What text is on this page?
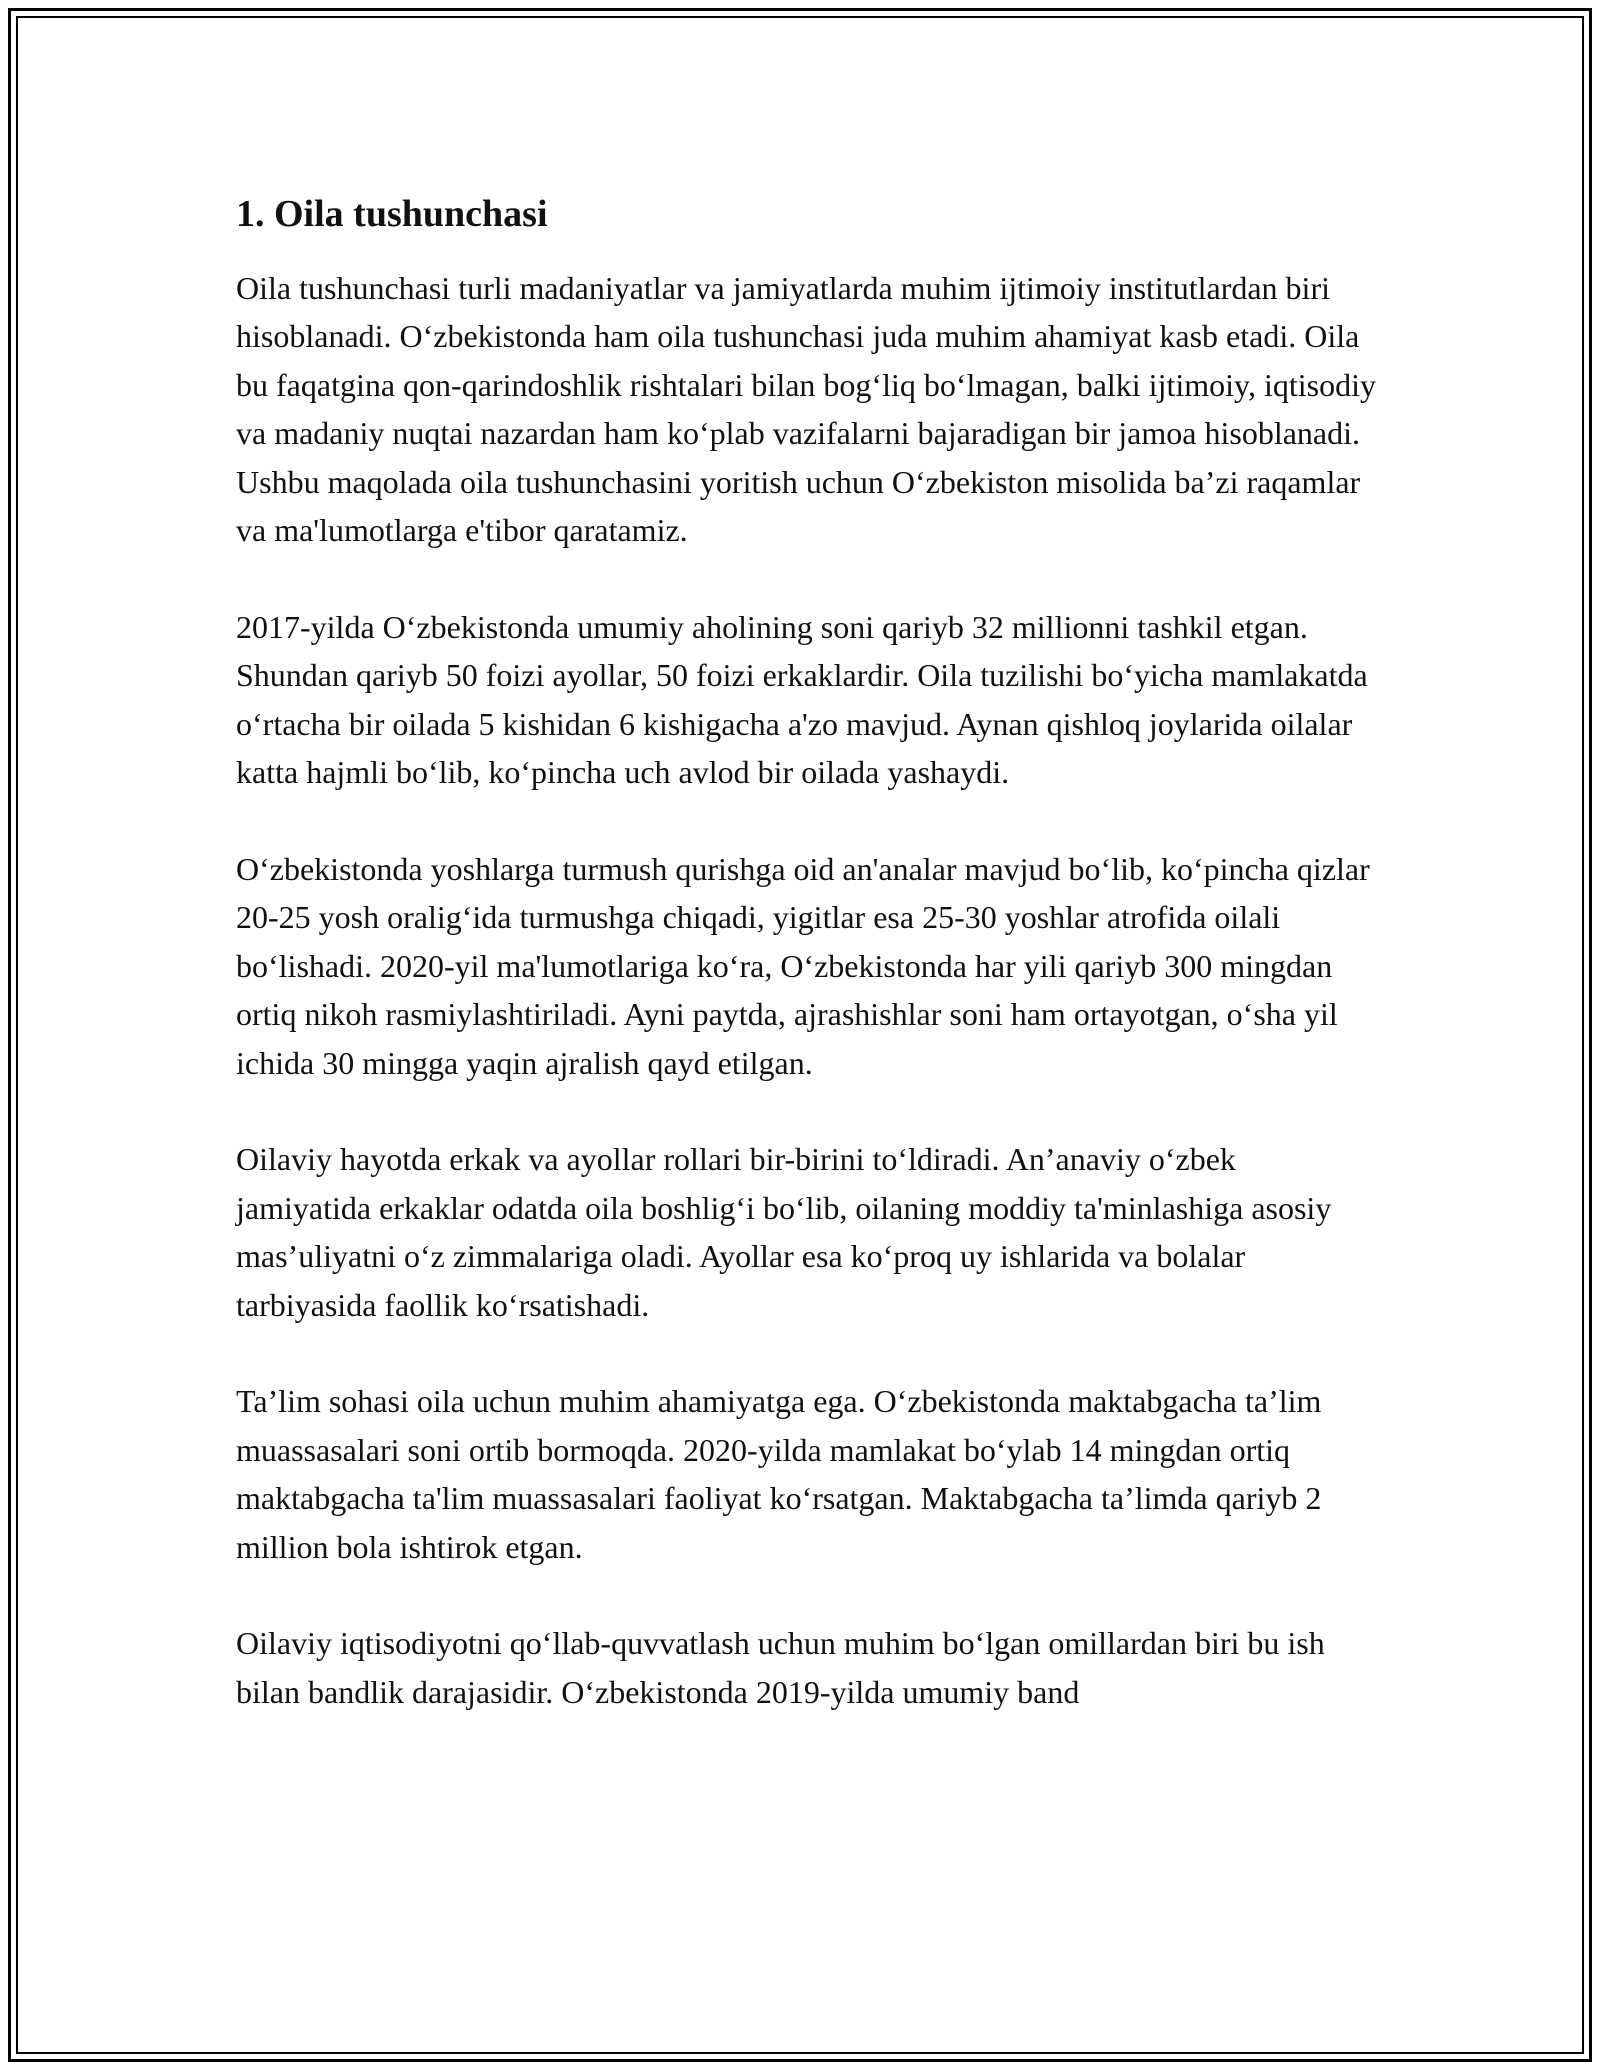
1. Oila tushunchasi

Oila tushunchasi turli madaniyatlar va jamiyatlarda muhim ijtimoiy institutlardan biri hisoblanadi. O‘zbekistonda ham oila tushunchasi juda muhim ahamiyat kasb etadi. Oila bu faqatgina qon-qarindoshlik rishtalari bilan bog‘liq bo‘lmagan, balki ijtimoiy, iqtisodiy va madaniy nuqtai nazardan ham ko‘plab vazifalarni bajaradigan bir jamoa hisoblanadi. Ushbu maqolada oila tushunchasini yoritish uchun O‘zbekiston misolida ba’zi raqamlar va ma'lumotlarga e'tibor qaratamiz.

2017-yilda O‘zbekistonda umumiy aholining soni qariyb 32 millionni tashkil etgan. Shundan qariyb 50 foizi ayollar, 50 foizi erkaklardir. Oila tuzilishi bo‘yicha mamlakatda o‘rtacha bir oilada 5 kishidan 6 kishigacha a'zo mavjud. Aynan qishloq joylarida oilalar katta hajmli bo‘lib, ko‘pincha uch avlod bir oilada yashaydi.

O‘zbekistonda yoshlarga turmush qurishga oid an'analar mavjud bo‘lib, ko‘pincha qizlar 20-25 yosh oralig‘ida turmushga chiqadi, yigitlar esa 25-30 yoshlar atrofida oilali bo‘lishadi. 2020-yil ma'lumotlariga ko‘ra, O‘zbekistonda har yili qariyb 300 mingdan ortiq nikoh rasmiylashtiriladi. Ayni paytda, ajrashishlar soni ham ortayotgan, o‘sha yil ichida 30 mingga yaqin ajralish qayd etilgan.

Oilaviy hayotda erkak va ayollar rollari bir-birini to‘ldiradi. An’anaviy o‘zbek jamiyatida erkaklar odatda oila boshlig‘i bo‘lib, oilaning moddiy ta'minlashiga asosiy mas’uliyatni o‘z zimmalariga oladi. Ayollar esa ko‘proq uy ishlarida va bolalar tarbiyasida faollik ko‘rsatishadi.

Ta’lim sohasi oila uchun muhim ahamiyatga ega. O‘zbekistonda maktabgacha ta’lim muassasalari soni ortib bormoqda. 2020-yilda mamlakat bo‘ylab 14 mingdan ortiq maktabgacha ta'lim muassasalari faoliyat ko‘rsatgan. Maktabgacha ta’limda qariyb 2 million bola ishtirok etgan.

Oilaviy iqtisodiyotni qo‘llab-quvvatlash uchun muhim bo‘lgan omillardan biri bu ish bilan bandlik darajasidir. O‘zbekistonda 2019-yilda umumiy band
